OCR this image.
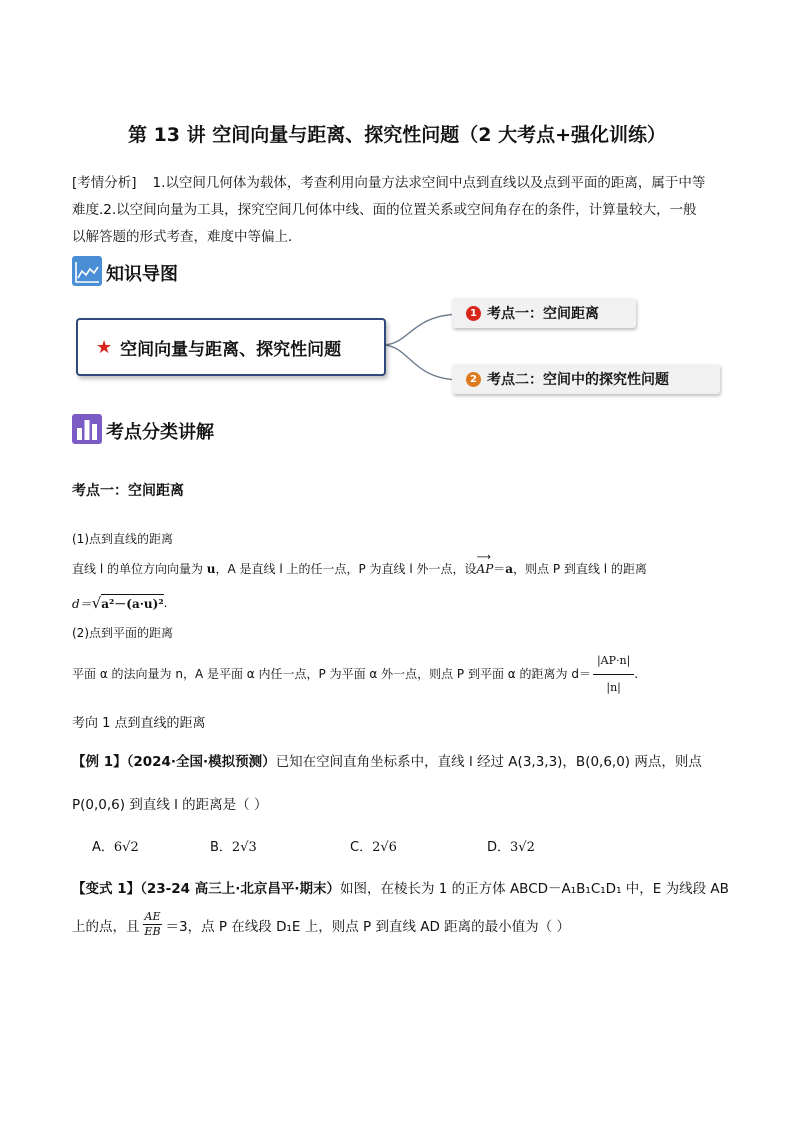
第 13 讲 空间向量与距离、探究性问题（2 大考点+强化训练）
[考情分析] 1.以空间几何体为载体，考查利用向量方法求空间中点到直线以及点到平面的距离，属于中等
难度.2.以空间向量为工具，探究空间几何体中线、面的位置关系或空间角存在的条件，计算量较大，一般
以解答题的形式考查，难度中等偏上．
知识导图
★ 空间向量与距离、探究性问题
1 考点一：空间距离
2 考点二：空间中的探究性问题
考点分类讲解
考点一：空间距离
(1)点到直线的距离
直线 l 的单位方向向量为 u，A 是直线 l 上的任一点，P 为直线 l 外一点，设
⟶
AP＝a，则点 P 到直线 l 的距离
d＝ √ a²－(a·u)² .
(2)点到平面的距离
平面 α 的法向量为 n，A 是平面 α 内任一点，P 为平面 α 外一点，则点 P 到平面 α 的距离为 $d= \frac{|AP\cdot n|}{|n|}$ .
考向 1 点到直线的距离
【例 1】（2024·全国·模拟预测）已知在空间直角坐标系中，直线 l 经过 A(3,3,3)，B(0,6,0) 两点，则点
P(0,0,6) 到直线 l 的距离是（ ）
A．6√2	B．2√3	C．2√6	D．3√2
【变式 1】（23-24 高三上·北京昌平·期末）如图，在棱长为 1 的正方体 ABCD－A₁B₁C₁D₁ 中，E 为线段 AB
上的点，且 $\frac{AE}{EB} =3$，点 P 在线段 D₁E 上，则点 P 到直线 AD 距离的最小值为（ ）
